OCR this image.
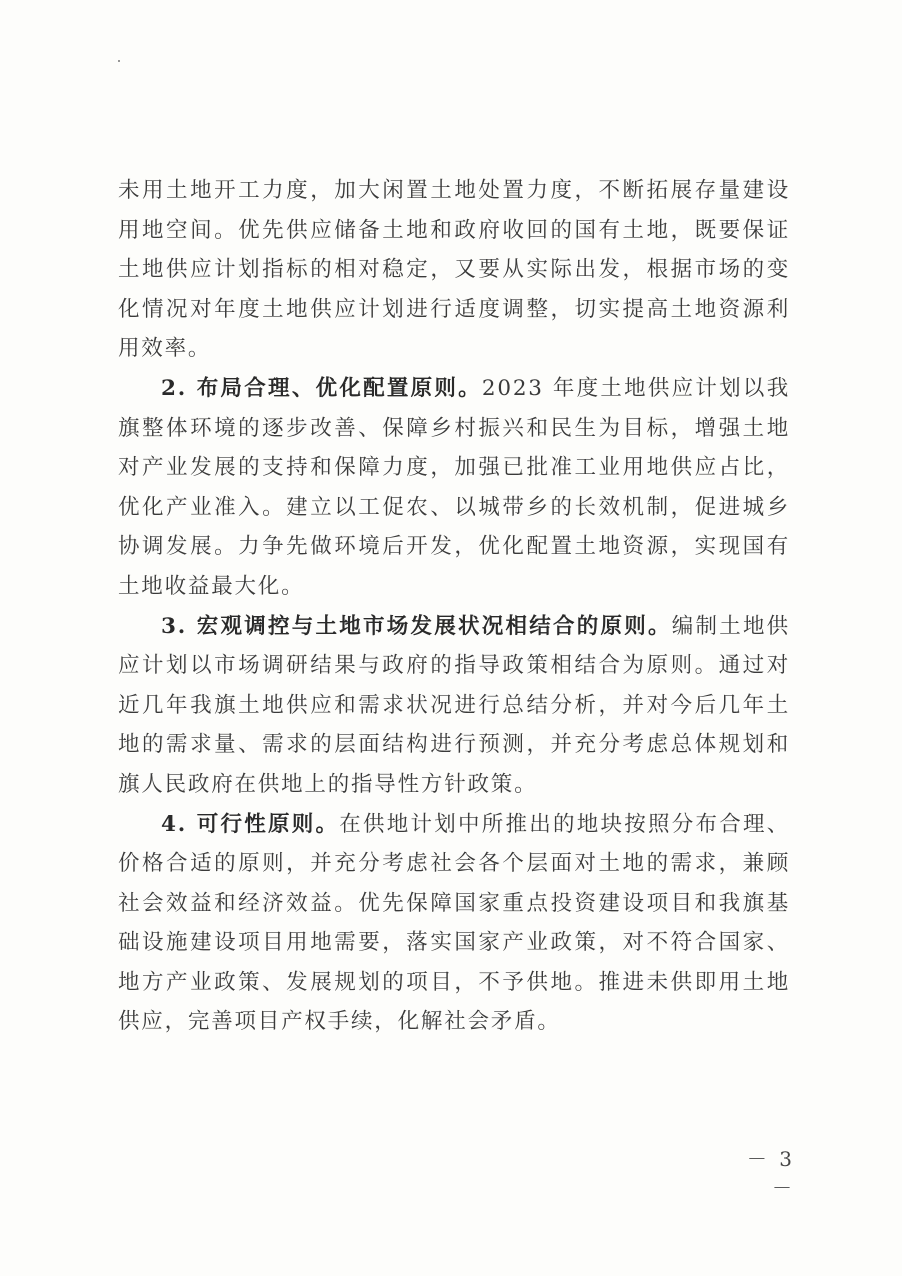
未用土地开工力度，加大闲置土地处置力度，不断拓展存量建设用地空间。优先供应储备土地和政府收回的国有土地，既要保证土地供应计划指标的相对稳定，又要从实际出发，根据市场的变化情况对年度土地供应计划进行适度调整，切实提高土地资源利用效率。

2. 布局合理、优化配置原则。2023 年度土地供应计划以我旗整体环境的逐步改善、保障乡村振兴和民生为目标，增强土地对产业发展的支持和保障力度，加强已批准工业用地供应占比，优化产业准入。建立以工促农、以城带乡的长效机制，促进城乡协调发展。力争先做环境后开发，优化配置土地资源，实现国有土地收益最大化。

3. 宏观调控与土地市场发展状况相结合的原则。编制土地供应计划以市场调研结果与政府的指导政策相结合为原则。通过对近几年我旗土地供应和需求状况进行总结分析，并对今后几年土地的需求量、需求的层面结构进行预测，并充分考虑总体规划和旗人民政府在供地上的指导性方针政策。

4. 可行性原则。在供地计划中所推出的地块按照分布合理、价格合适的原则，并充分考虑社会各个层面对土地的需求，兼顾社会效益和经济效益。优先保障国家重点投资建设项目和我旗基础设施建设项目用地需要，落实国家产业政策，对不符合国家、地方产业政策、发展规划的项目，不予供地。推进未供即用土地供应，完善项目产权手续，化解社会矛盾。

－ 3 －
